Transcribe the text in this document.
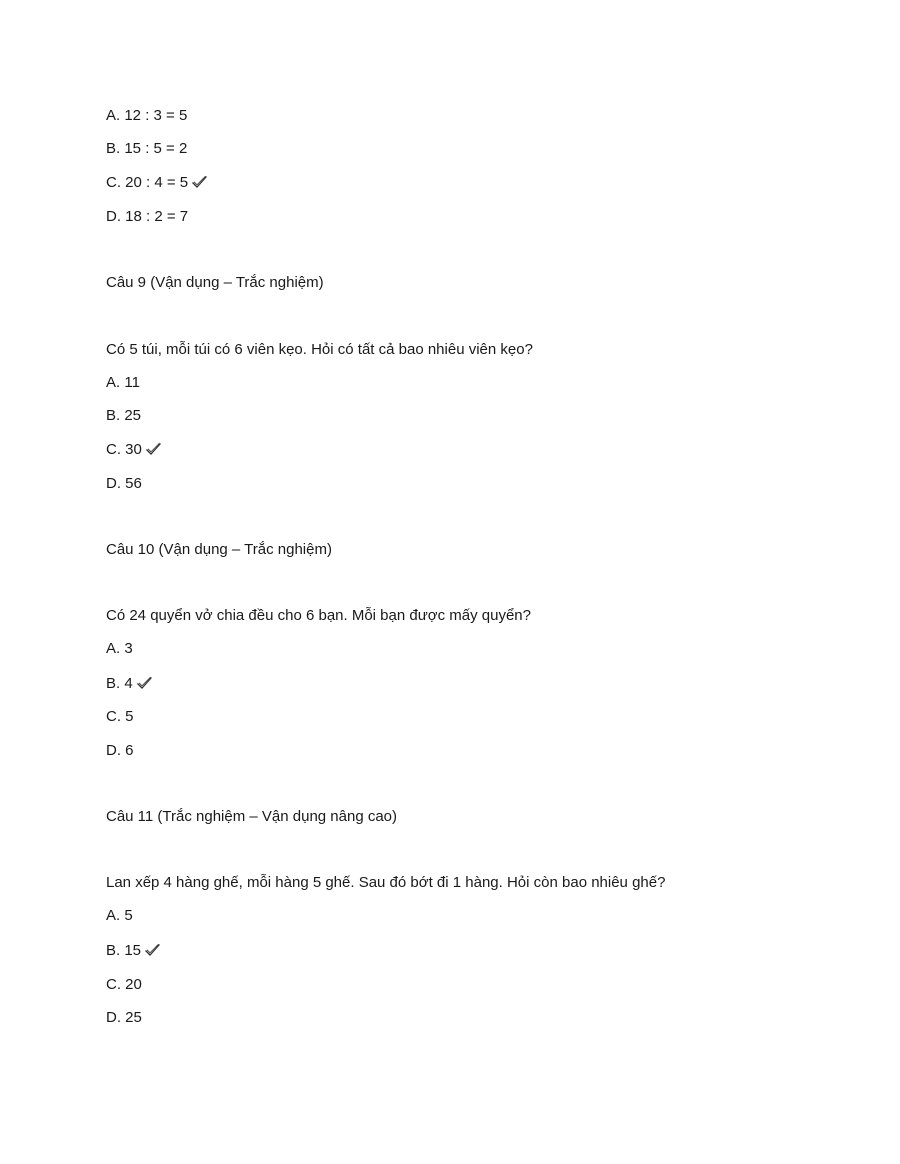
A. 12 : 3 = 5
B. 15 : 5 = 2
C. 20 : 4 = 5
D. 18 : 2 = 7
Câu 9 (Vận dụng – Trắc nghiệm)
Có 5 túi, mỗi túi có 6 viên kẹo. Hỏi có tất cả bao nhiêu viên kẹo?
A. 11
B. 25
C. 30
D. 56
Câu 10 (Vận dụng – Trắc nghiệm)
Có 24 quyển vở chia đều cho 6 bạn. Mỗi bạn được mấy quyển?
A. 3
B. 4
C. 5
D. 6
Câu 11 (Trắc nghiệm – Vận dụng nâng cao)
Lan xếp 4 hàng ghế, mỗi hàng 5 ghế. Sau đó bớt đi 1 hàng. Hỏi còn bao nhiêu ghế?
A. 5
B. 15
C. 20
D. 25
